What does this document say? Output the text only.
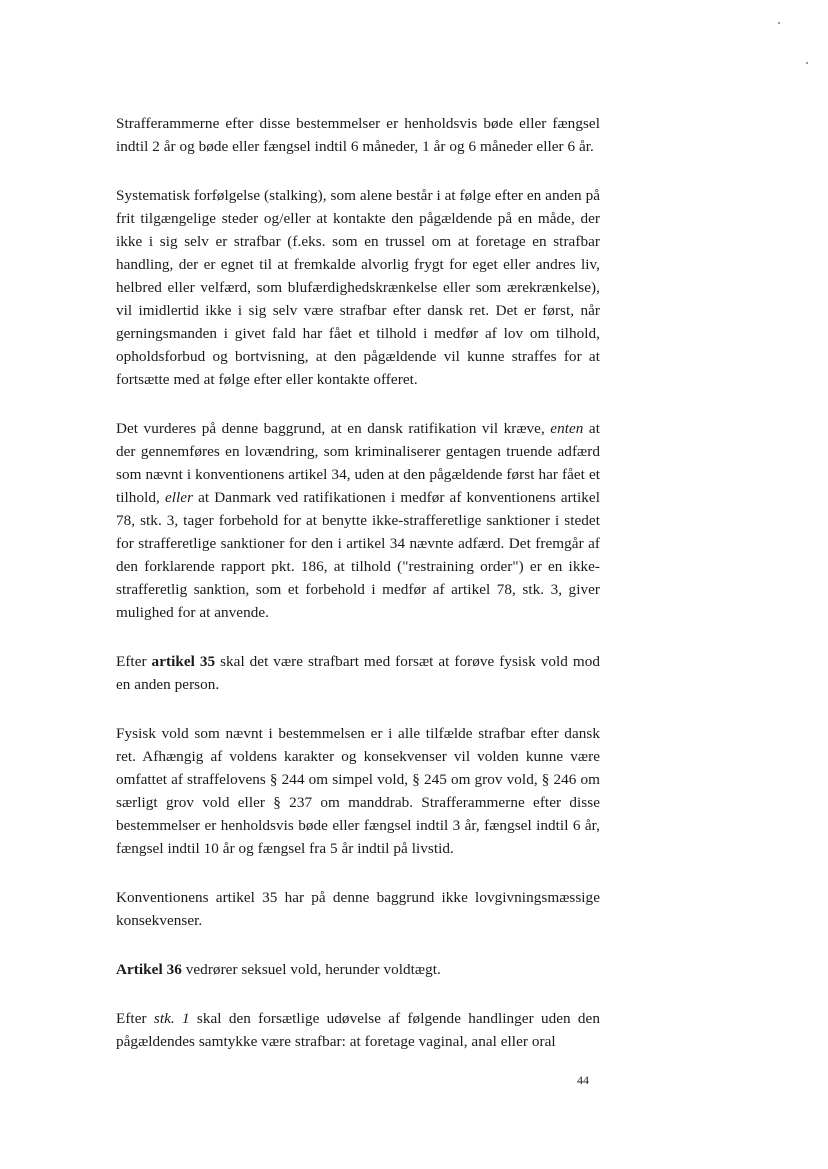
Strafferammerne efter disse bestemmelser er henholdsvis bøde eller fængsel indtil 2 år og bøde eller fængsel indtil 6 måneder, 1 år og 6 måneder eller 6 år.

Systematisk forfølgelse (stalking), som alene består i at følge efter en anden på frit tilgængelige steder og/eller at kontakte den pågældende på en måde, der ikke i sig selv er strafbar (f.eks. som en trussel om at foretage en strafbar handling, der er egnet til at fremkalde alvorlig frygt for eget eller andres liv, helbred eller velfærd, som blufærdighedskrænkelse eller som ærekrænkelse), vil imidlertid ikke i sig selv være strafbar efter dansk ret. Det er først, når gerningsmanden i givet fald har fået et tilhold i medfør af lov om tilhold, opholdsforbud og bortvisning, at den pågældende vil kunne straffes for at fortsætte med at følge efter eller kontakte offeret.

Det vurderes på denne baggrund, at en dansk ratifikation vil kræve, enten at der gennemføres en lovændring, som kriminaliserer gentagen truende adfærd som nævnt i konventionens artikel 34, uden at den pågældende først har fået et tilhold, eller at Danmark ved ratifikationen i medfør af konventionens artikel 78, stk. 3, tager forbehold for at benytte ikke-strafferetlige sanktioner i stedet for strafferetlige sanktioner for den i artikel 34 nævnte adfærd. Det fremgår af den forklarende rapport pkt. 186, at tilhold ("restraining order") er en ikke-strafferetlig sanktion, som et forbehold i medfør af artikel 78, stk. 3, giver mulighed for at anvende.

Efter artikel 35 skal det være strafbart med forsæt at forøve fysisk vold mod en anden person.

Fysisk vold som nævnt i bestemmelsen er i alle tilfælde strafbar efter dansk ret. Afhængig af voldens karakter og konsekvenser vil volden kunne være omfattet af straffelovens § 244 om simpel vold, § 245 om grov vold, § 246 om særligt grov vold eller § 237 om manddrab. Strafferammerne efter disse bestemmelser er henholdsvis bøde eller fængsel indtil 3 år, fængsel indtil 6 år, fængsel indtil 10 år og fængsel fra 5 år indtil på livstid.

Konventionens artikel 35 har på denne baggrund ikke lovgivningsmæssige konsekvenser.

Artikel 36 vedrører seksuel vold, herunder voldtægt.

Efter stk. 1 skal den forsætlige udøvelse af følgende handlinger uden den pågældendes samtykke være strafbar: at foretage vaginal, anal eller oral

44
